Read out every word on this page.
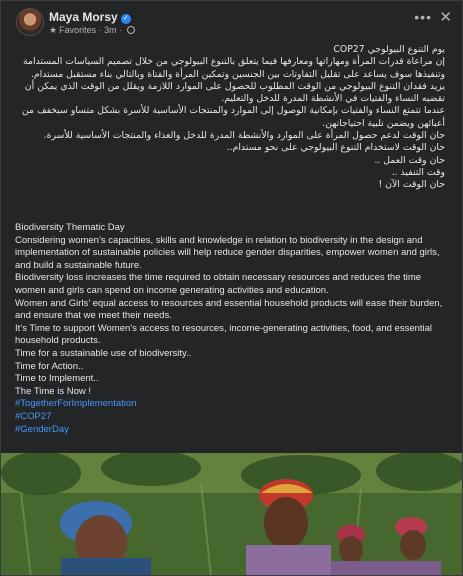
Maya Morsy ✓
★ Favorites · 3m ·
••• ✕

يوم التنوع البيولوجي COP27

إن مراعاة قدرات المرأة ومهاراتها ومعارفها فيما يتعلق بالتنوع البيولوجي من خلال تصميم السياسات المستدامة وتنفيذها سوف يساعد على تقليل التفاوتات بين الجنسين وتمكين المرأة والفتاة وبالتالي بناء مستقبل مستدام.

يزيد فقدان التنوع البيولوجي من الوقت المطلوب للحصول على الموارد اللازمة ويقلل من الوقت الذي يمكن أن تقضيه النساء والفتيات في الأنشطة المدرة للدخل والتعليم.

عندما تتمتع النساء والفتيات بإمكانية الوصول إلى الموارد والمنتجات الأساسية للأسرة بشكل متساو سيخفف من أعبائهن ويضمن تلبية احتياجاتهن.

حان الوقت لدعم حصول المرأة على الموارد والأنشطة المدرة للدخل والغذاء والمنتجات الأساسية للأسرة.

حان الوقت لاستخدام التنوع البيولوجي على نحو مستدام..

حان وقت العمل ..

وقت التنفيذ ..

حان الوقت الآن !

Biodiversity Thematic Day

Considering women’s capacities, skills and knowledge in relation to biodiversity in the design and implementation of sustainable policies will help reduce gender disparities, empower women and girls, and build a sustainable future.

Biodiversity loss increases the time required to obtain necessary resources and reduces the time women and girls can spend on income generating activities and education.

Women and Girls’ equal access to resources and essential household products will ease their burden, and ensure that we meet their needs.

It’s Time to support Women's access to resources, income-generating activities, food, and essential household products.

Time for a sustainable use of biodiversity..

Time for Action..

Time to Implement..

The Time is Now !

#TogetherForImplementation

#COP27

#GenderDay
